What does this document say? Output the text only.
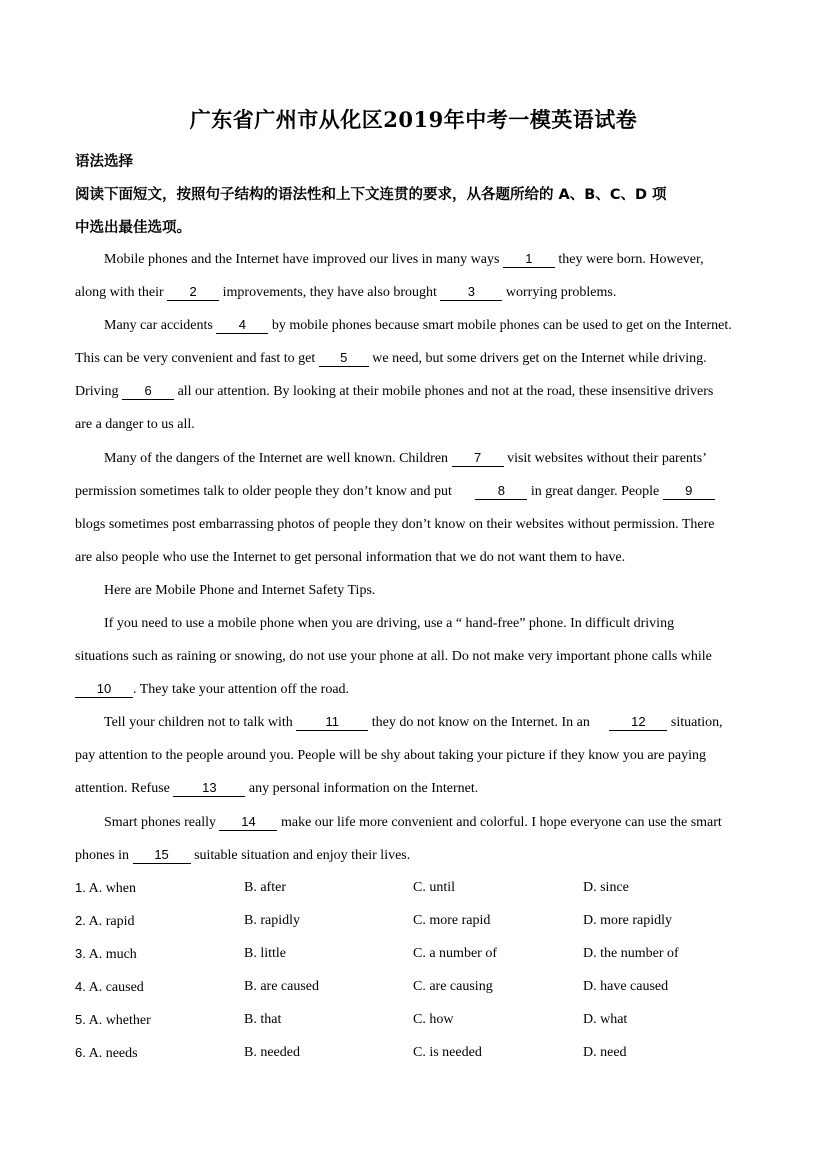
广东省广州市从化区2019年中考一模英语试卷
语法选择
阅读下面短文，按照句子结构的语法性和上下文连贯的要求，从各题所给的 A、B、C、D 项
中选出最佳选项。
Mobile phones and the Internet have improved our lives in many ways 1 they were born. However,
along with their 2 improvements, they have also brought 3 worrying problems.
Many car accidents 4 by mobile phones because smart mobile phones can be used to get on the Internet.
This can be very convenient and fast to get 5 we need, but some drivers get on the Internet while driving.
Driving 6 all our attention. By looking at their mobile phones and not at the road, these insensitive drivers
are a danger to us all.
Many of the dangers of the Internet are well known. Children 7 visit websites without their parents’
permission sometimes talk to older people they don’t know and put	8 in great danger. People 9
blogs sometimes post embarrassing photos of people they don’t know on their websites without permission. There
are also people who use the Internet to get personal information that we do not want them to have.
Here are Mobile Phone and Internet Safety Tips.
If you need to use a mobile phone when you are driving, use a “ hand-free” phone. In difficult driving
situations such as raining or snowing, do not use your phone at all. Do not make very important phone calls while
10 . They take your attention off the road.
Tell your children not to talk with 11 they do not know on the Internet. In an	12 situation,
pay attention to the people around you. People will be shy about taking your picture if they know you are paying
attention. Refuse 13 any personal information on the Internet.
Smart phones really 14 make our life more convenient and colorful. I hope everyone can use the smart
phones in 15 suitable situation and enjoy their lives.
1. A. when	B. after	C. until	D. since
2. A. rapid	B. rapidly	C. more rapid	D. more rapidly
3. A. much	B. little	C. a number of	D. the number of
4. A. caused	B. are caused	C. are causing	D. have caused
5. A. whether	B. that	C. how	D. what
6. A. needs	B. needed	C. is needed	D. need
